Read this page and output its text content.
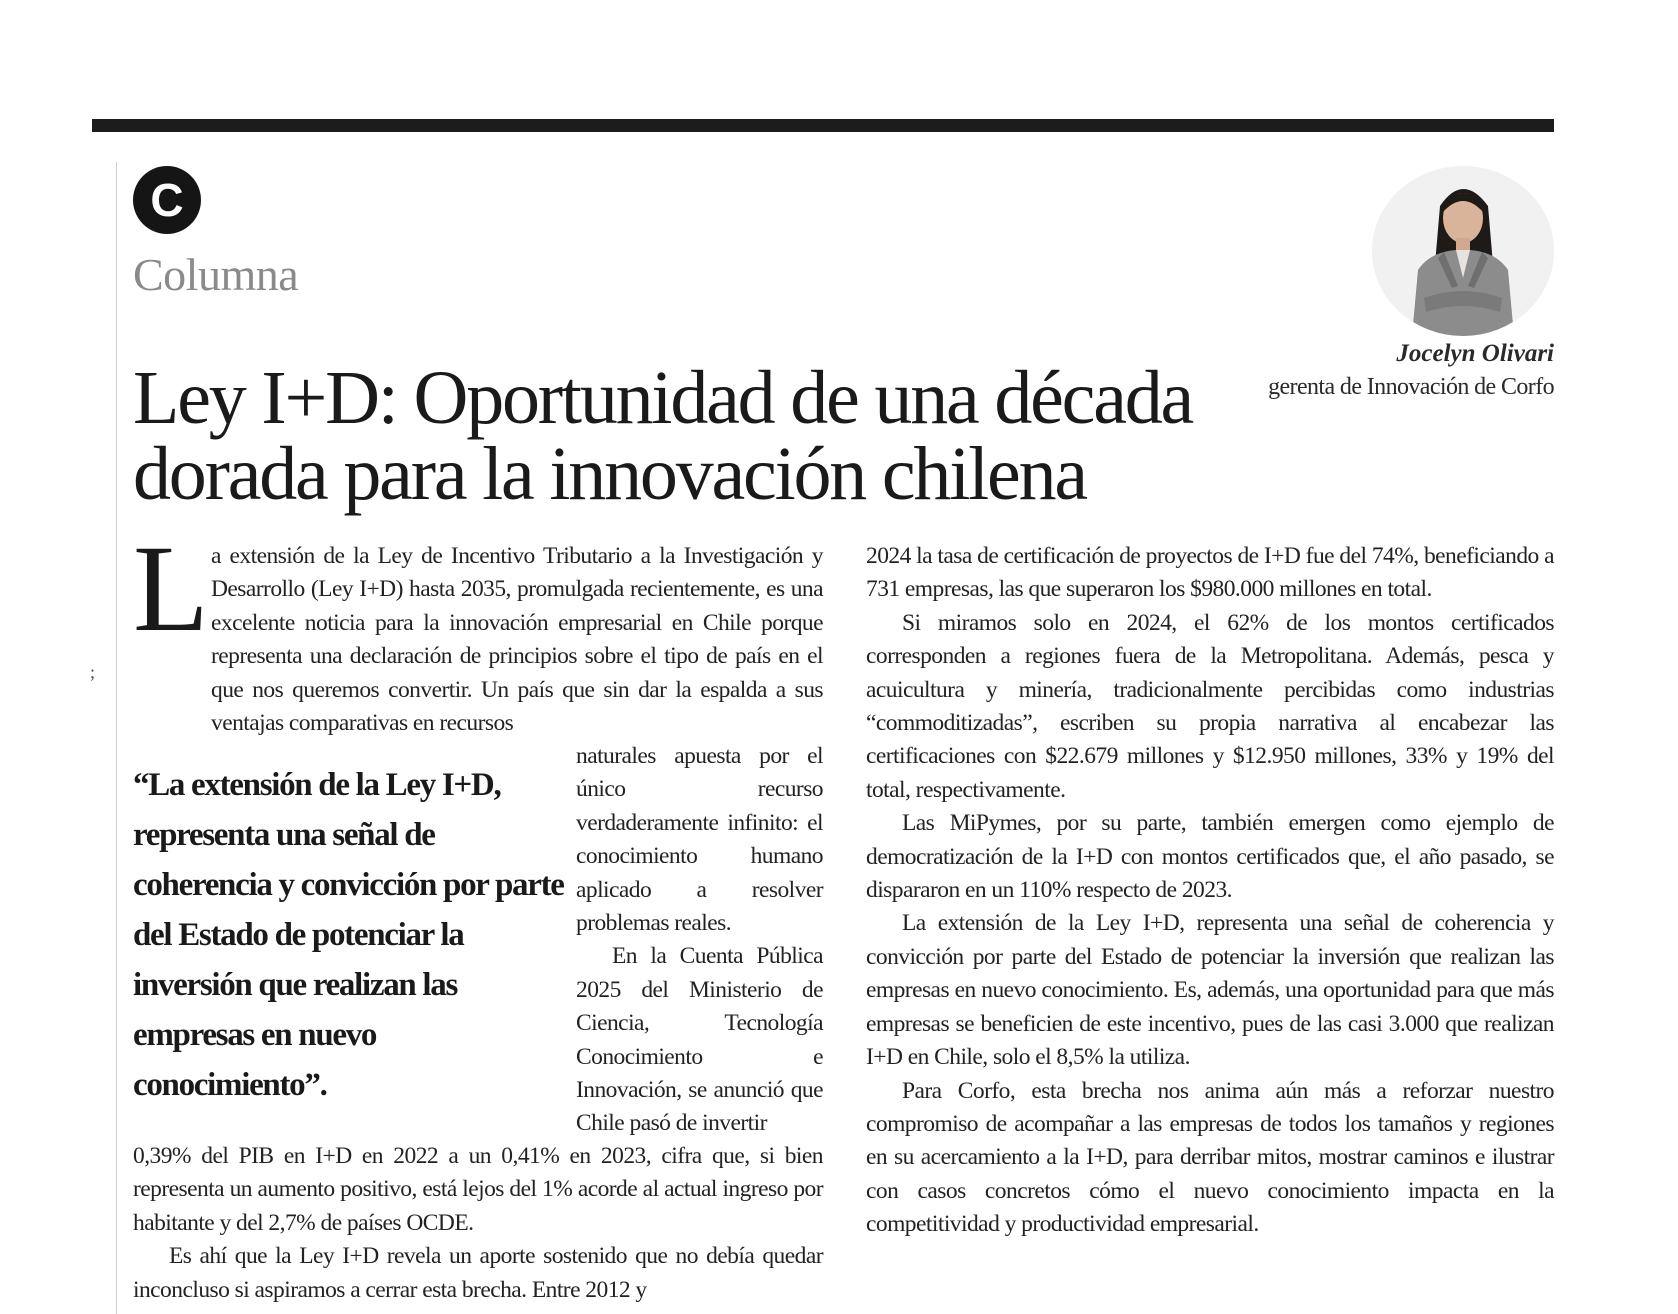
;
C
Columna
Jocelyn Olivari
gerenta de Innovación de Corfo
Ley I+D: Oportunidad de una década dorada para la innovación chilena

L a extensión de la Ley de Incentivo Tributario a la Investigación y Desarrollo (Ley I+D) hasta 2035, promulgada recientemente, es una excelente noticia para la innovación empresarial en Chile porque representa una declaración de principios sobre el tipo de país en el que nos queremos convertir. Un país que sin dar la espalda a sus ventajas comparativas en recursos

“La extensión de la Ley I+D, representa una señal de coherencia y convicción por parte del Estado de potenciar la inversión que realizan las empresas en nuevo conocimiento”.

naturales apuesta por el único recurso verdaderamente infinito: el conocimiento humano aplicado a resolver problemas reales.

En la Cuenta Pública 2025 del Ministerio de Ciencia, Tecnología Conocimiento e Innovación, se anunció que Chile pasó de invertir

0,39% del PIB en I+D en 2022 a un 0,41% en 2023, cifra que, si bien representa un aumento positivo, está lejos del 1% acorde al actual ingreso por habitante y del 2,7% de países OCDE.

Es ahí que la Ley I+D revela un aporte sostenido que no debía quedar inconcluso si aspiramos a cerrar esta brecha. Entre 2012 y

2024 la tasa de certificación de proyectos de I+D fue del 74%, beneficiando a 731 empresas, las que superaron los $980.000 millones en total.

Si miramos solo en 2024, el 62% de los montos certificados corresponden a regiones fuera de la Metropolitana. Además, pesca y acuicultura y minería, tradicionalmente percibidas como industrias “commoditizadas”, escriben su propia narrativa al encabezar las certificaciones con $22.679 millones y $12.950 millones, 33% y 19% del total, respectivamente.

Las MiPymes, por su parte, también emergen como ejemplo de democratización de la I+D con montos certificados que, el año pasado, se dispararon en un 110% respecto de 2023.

La extensión de la Ley I+D, representa una señal de coherencia y convicción por parte del Estado de potenciar la inversión que realizan las empresas en nuevo conocimiento. Es, además, una oportunidad para que más empresas se beneficien de este incentivo, pues de las casi 3.000 que realizan I+D en Chile, solo el 8,5% la utiliza.

Para Corfo, esta brecha nos anima aún más a reforzar nuestro compromiso de acompañar a las empresas de todos los tamaños y regiones en su acercamiento a la I+D, para derribar mitos, mostrar caminos e ilustrar con casos concretos cómo el nuevo conocimiento impacta en la competitividad y productividad empresarial.
